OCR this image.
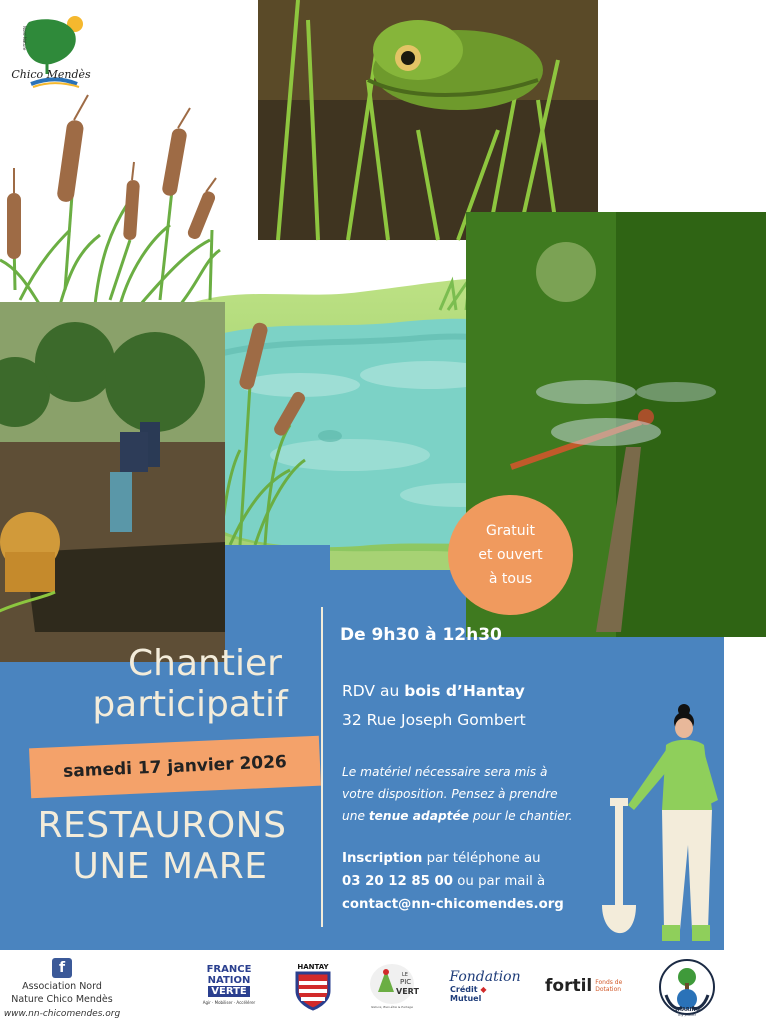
Nord Nature
Chico Mendès
Gratuit
et ouvert
à tous
Chantier
participatif
samedi 17 janvier 2026
RESTAURONS
UNE MARE
De 9h30 à 12h30
RDV au bois d’Hantay
32 Rue Joseph Gombert
Le matériel nécessaire sera mis à
votre disposition. Pensez à prendre
une tenue adaptée pour le chantier.
Inscription par téléphone au
03 20 12 85 00 ou par mail à
contact@nn-chicomendes.org
f
Association Nord
Nature Chico Mendès
www.nn-chicomendes.org
FRANCE
NATION
VERTE
Agir · Mobiliser · Accélérer
HANTAY
LE
PIC
VERT
Nature, Bien-être & Partage
Fondation
Crédit ◆ Mutuel
fortil Fonds de
Dotation
SHARING
my planet
